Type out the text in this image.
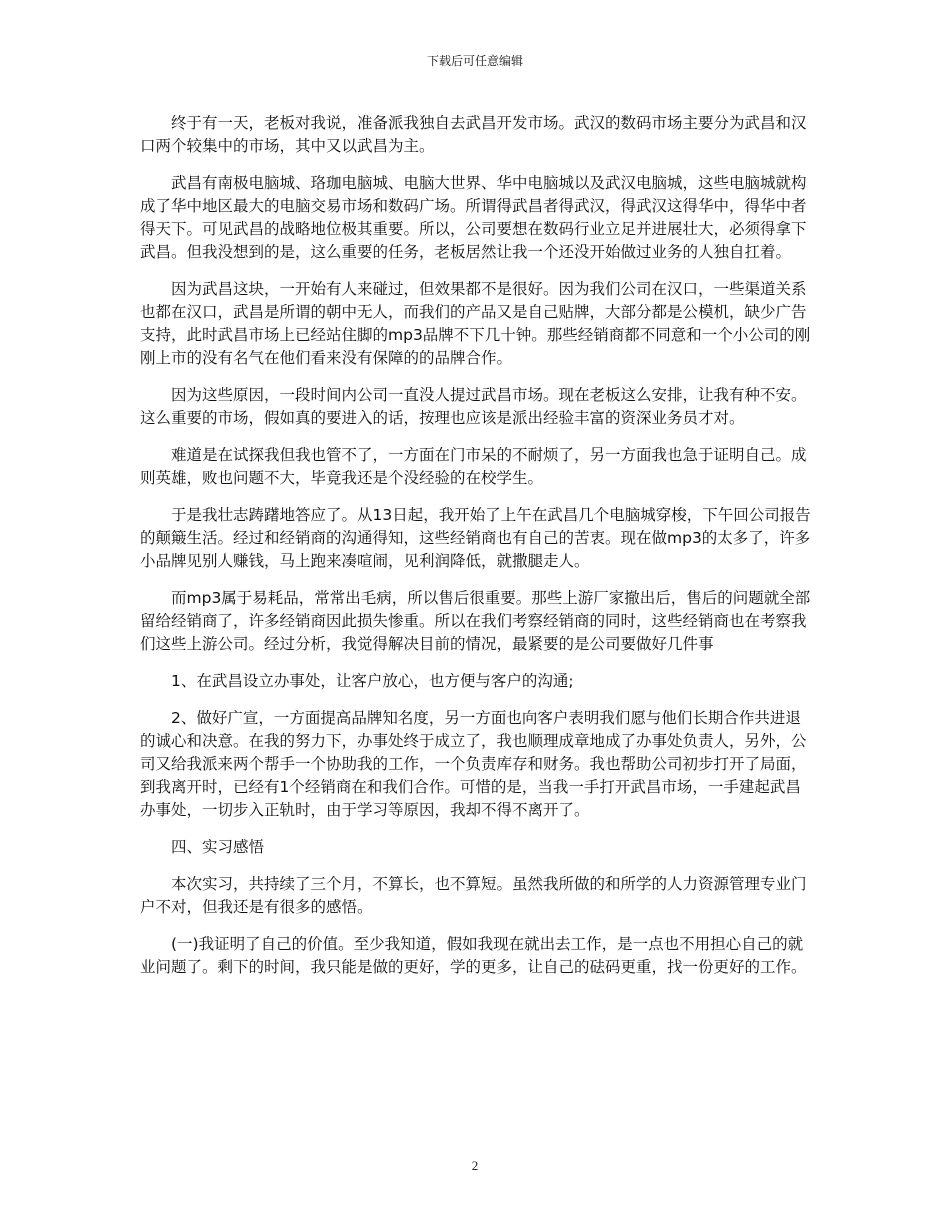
下载后可任意编辑

终于有一天，老板对我说，准备派我独自去武昌开发市场。武汉的数码市场主要分为武昌和汉口两个较集中的市场，其中又以武昌为主。

武昌有南极电脑城、珞珈电脑城、电脑大世界、华中电脑城以及武汉电脑城，这些电脑城就构成了华中地区最大的电脑交易市场和数码广场。所谓得武昌者得武汉，得武汉这得华中，得华中者得天下。可见武昌的战略地位极其重要。所以，公司要想在数码行业立足并进展壮大，必须得拿下武昌。但我没想到的是，这么重要的任务，老板居然让我一个还没开始做过业务的人独自扛着。

因为武昌这块，一开始有人来碰过，但效果都不是很好。因为我们公司在汉口，一些渠道关系也都在汉口，武昌是所谓的朝中无人，而我们的产品又是自己贴牌，大部分都是公模机，缺少广告支持，此时武昌市场上已经站住脚的mp3品牌不下几十钟。那些经销商都不同意和一个小公司的刚刚上市的没有名气在他们看来没有保障的的品牌合作。

因为这些原因，一段时间内公司一直没人提过武昌市场。现在老板这么安排，让我有种不安。这么重要的市场，假如真的要进入的话，按理也应该是派出经验丰富的资深业务员才对。

难道是在试探我但我也管不了，一方面在门市呆的不耐烦了，另一方面我也急于证明自己。成则英雄，败也问题不大，毕竟我还是个没经验的在校学生。

于是我壮志踌躇地答应了。从13日起，我开始了上午在武昌几个电脑城穿梭，下午回公司报告的颠簸生活。经过和经销商的沟通得知，这些经销商也有自己的苦衷。现在做mp3的太多了，许多小品牌见别人赚钱，马上跑来凑喧闹，见利润降低，就撒腿走人。

而mp3属于易耗品，常常出毛病，所以售后很重要。那些上游厂家撤出后，售后的问题就全部留给经销商了，许多经销商因此损失惨重。所以在我们考察经销商的同时，这些经销商也在考察我们这些上游公司。经过分析，我觉得解决目前的情况，最紧要的是公司要做好几件事

1、在武昌设立办事处，让客户放心，也方便与客户的沟通;

2、做好广宣，一方面提高品牌知名度，另一方面也向客户表明我们愿与他们长期合作共进退的诚心和决意。在我的努力下，办事处终于成立了，我也顺理成章地成了办事处负责人，另外，公司又给我派来两个帮手一个协助我的工作，一个负责库存和财务。我也帮助公司初步打开了局面，到我离开时，已经有1个经销商在和我们合作。可惜的是，当我一手打开武昌市场，一手建起武昌办事处，一切步入正轨时，由于学习等原因，我却不得不离开了。

四、实习感悟

本次实习，共持续了三个月，不算长，也不算短。虽然我所做的和所学的人力资源管理专业门户不对，但我还是有很多的感悟。

(一)我证明了自己的价值。至少我知道，假如我现在就出去工作，是一点也不用担心自己的就业问题了。剩下的时间，我只能是做的更好，学的更多，让自己的砝码更重，找一份更好的工作。

2
